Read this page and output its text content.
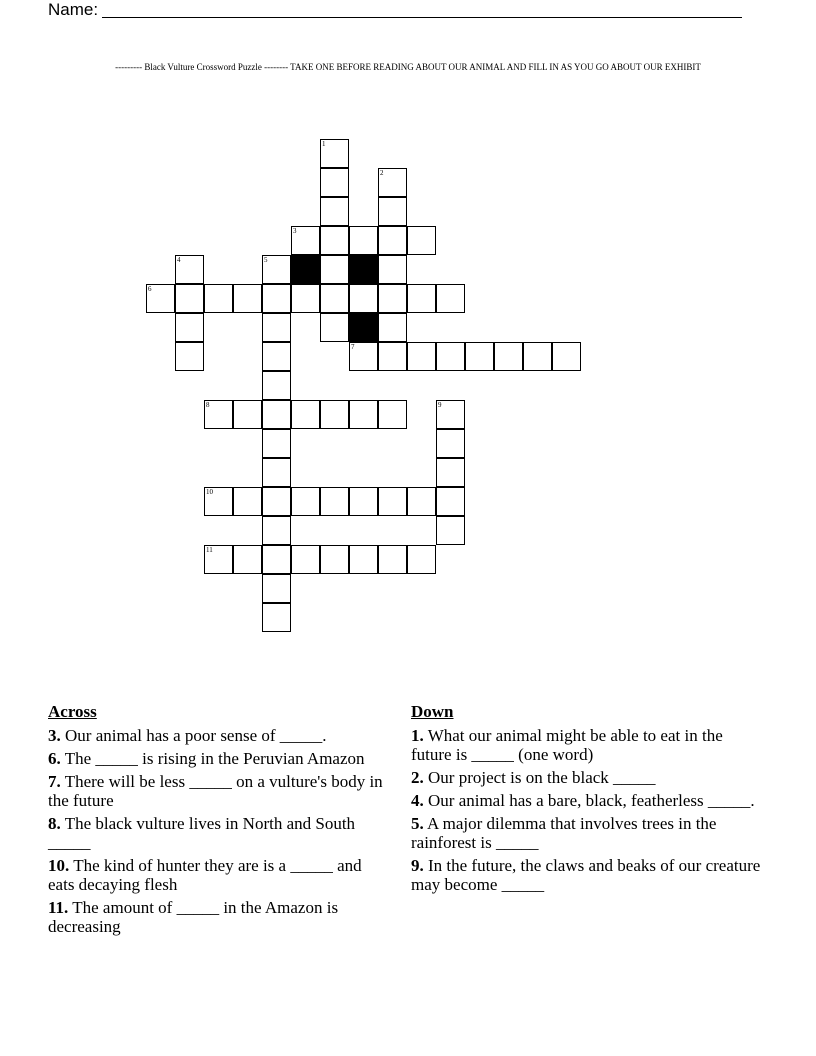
Name:
--------- Black Vulture Crossword Puzzle -------- TAKE ONE BEFORE READING ABOUT OUR ANIMAL AND FILL IN AS YOU GO ABOUT OUR EXHIBIT
1
2
3
4	5
6
7
8	9
10
11
Across
3. Our animal has a poor sense of _____.
6. The _____ is rising in the Peruvian Amazon
7. There will be less _____ on a vulture's body in the future
8. The black vulture lives in North and South _____
10. The kind of hunter they are is a _____ and eats decaying flesh
11. The amount of _____ in the Amazon is decreasing
Down
1. What our animal might be able to eat in the future is _____ (one word)
2. Our project is on the black _____
4. Our animal has a bare, black, featherless _____.
5. A major dilemma that involves trees in the rainforest is _____
9. In the future, the claws and beaks of our creature may become _____
